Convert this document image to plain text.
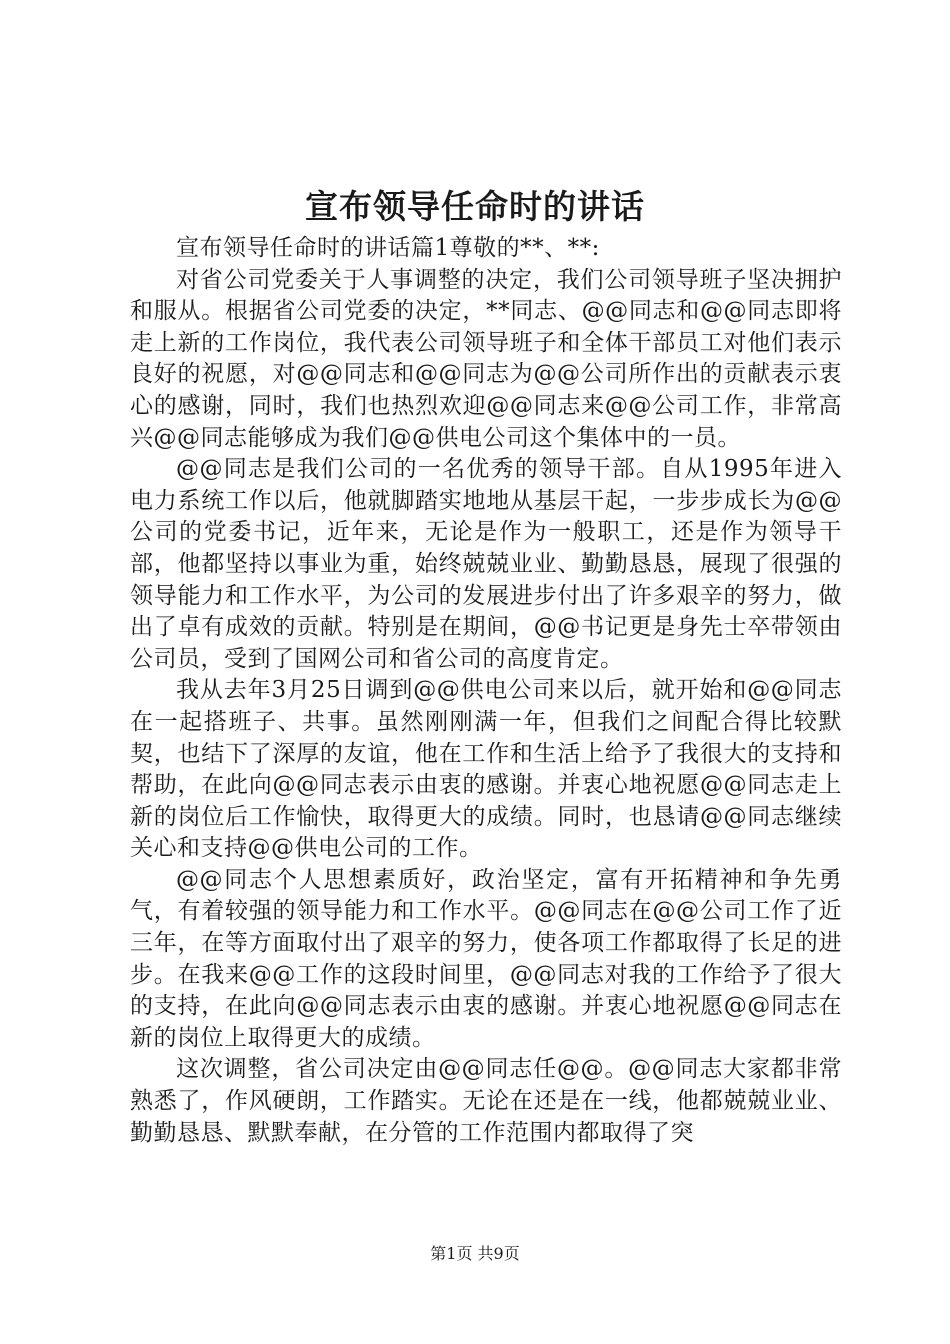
宣布领导任命时的讲话

宣布领导任命时的讲话篇1尊敬的**、**:

对省公司党委关于人事调整的决定，我们公司领导班子坚决拥护和服从。根据省公司党委的决定，**同志、@@同志和@@同志即将走上新的工作岗位，我代表公司领导班子和全体干部员工对他们表示良好的祝愿，对@@同志和@@同志为@@公司所作出的贡献表示衷心的感谢，同时，我们也热烈欢迎@@同志来@@公司工作，非常高兴@@同志能够成为我们@@供电公司这个集体中的一员。

@@同志是我们公司的一名优秀的领导干部。自从1995年进入电力系统工作以后，他就脚踏实地地从基层干起，一步步成长为@@公司的党委书记，近年来，无论是作为一般职工，还是作为领导干部，他都坚持以事业为重，始终兢兢业业、勤勤恳恳，展现了很强的领导能力和工作水平，为公司的发展进步付出了许多艰辛的努力，做出了卓有成效的贡献。特别是在期间，@@书记更是身先士卒带领由公司员，受到了国网公司和省公司的高度肯定。

我从去年3月25日调到@@供电公司来以后，就开始和@@同志在一起搭班子、共事。虽然刚刚满一年，但我们之间配合得比较默契，也结下了深厚的友谊，他在工作和生活上给予了我很大的支持和帮助，在此向@@同志表示由衷的感谢。并衷心地祝愿@@同志走上新的岗位后工作愉快，取得更大的成绩。同时，也恳请@@同志继续关心和支持@@供电公司的工作。

@@同志个人思想素质好，政治坚定，富有开拓精神和争先勇气，有着较强的领导能力和工作水平。@@同志在@@公司工作了近三年，在等方面取付出了艰辛的努力，使各项工作都取得了长足的进步。在我来@@工作的这段时间里，@@同志对我的工作给予了很大的支持，在此向@@同志表示由衷的感谢。并衷心地祝愿@@同志在新的岗位上取得更大的成绩。

这次调整，省公司决定由@@同志任@@。@@同志大家都非常熟悉了，作风硬朗，工作踏实。无论在还是在一线，他都兢兢业业、勤勤恳恳、默默奉献，在分管的工作范围内都取得了突

第1页 共9页
